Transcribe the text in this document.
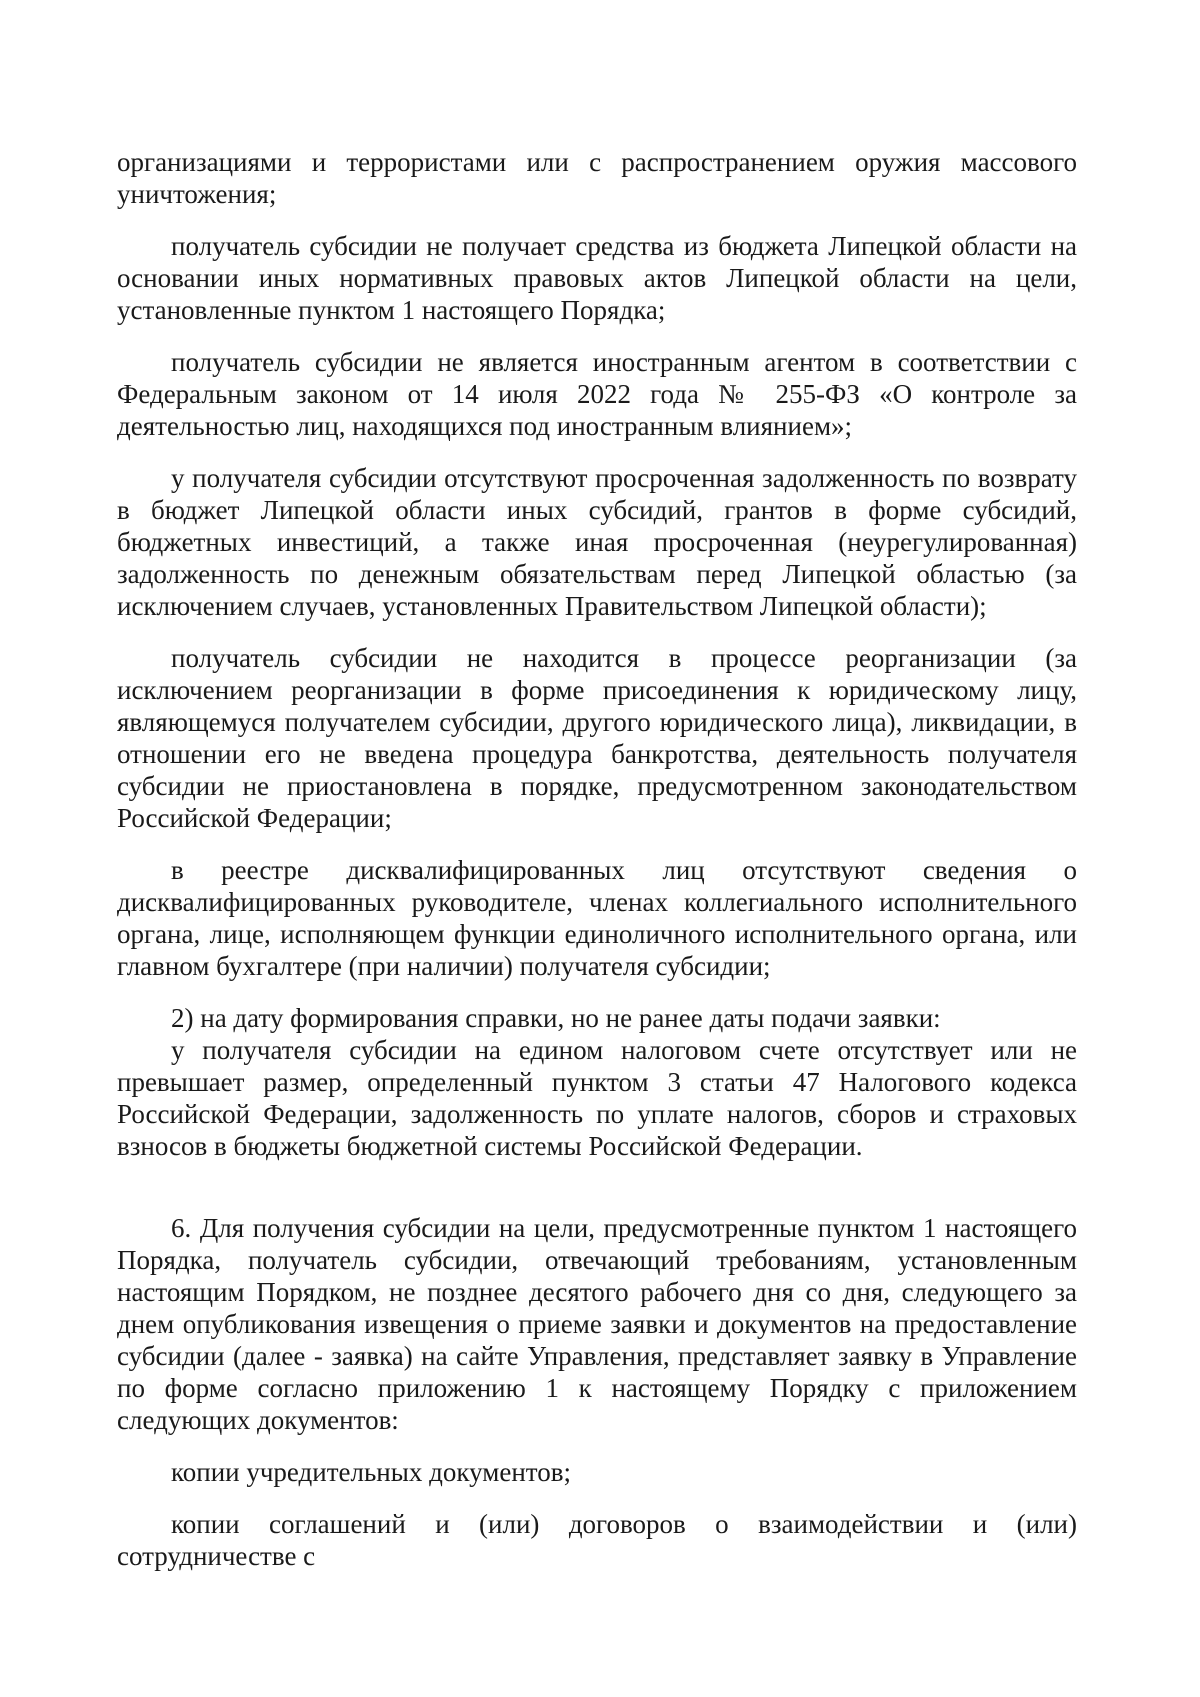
организациями и террористами или с распространением оружия массового уничтожения;

получатель субсидии не получает средства из бюджета Липецкой области на основании иных нормативных правовых актов Липецкой области на цели, установленные пунктом 1 настоящего Порядка;

получатель субсидии не является иностранным агентом в соответствии с Федеральным законом от 14 июля 2022 года № 255-ФЗ «О контроле за деятельностью лиц, находящихся под иностранным влиянием»;

у получателя субсидии отсутствуют просроченная задолженность по возврату в бюджет Липецкой области иных субсидий, грантов в форме субсидий, бюджетных инвестиций, а также иная просроченная (неурегулированная) задолженность по денежным обязательствам перед Липецкой областью (за исключением случаев, установленных Правительством Липецкой области);

получатель субсидии не находится в процессе реорганизации (за исключением реорганизации в форме присоединения к юридическому лицу, являющемуся получателем субсидии, другого юридического лица), ликвидации, в отношении его не введена процедура банкротства, деятельность получателя субсидии не приостановлена в порядке, предусмотренном законодательством Российской Федерации;

в реестре дисквалифицированных лиц отсутствуют сведения о дисквалифицированных руководителе, членах коллегиального исполнительного органа, лице, исполняющем функции единоличного исполнительного органа, или главном бухгалтере (при наличии) получателя субсидии;

2) на дату формирования справки, но не ранее даты подачи заявки:

у получателя субсидии на едином налоговом счете отсутствует или не превышает размер, определенный пунктом 3 статьи 47 Налогового кодекса Российской Федерации, задолженность по уплате налогов, сборов и страховых взносов в бюджеты бюджетной системы Российской Федерации.

6. Для получения субсидии на цели, предусмотренные пунктом 1 настоящего Порядка, получатель субсидии, отвечающий требованиям, установленным настоящим Порядком, не позднее десятого рабочего дня со дня, следующего за днем опубликования извещения о приеме заявки и документов на предоставление субсидии (далее - заявка) на сайте Управления, представляет заявку в Управление по форме согласно приложению 1 к настоящему Порядку с приложением следующих документов:

копии учредительных документов;

копии соглашений и (или) договоров о взаимодействии и (или) сотрудничестве с
